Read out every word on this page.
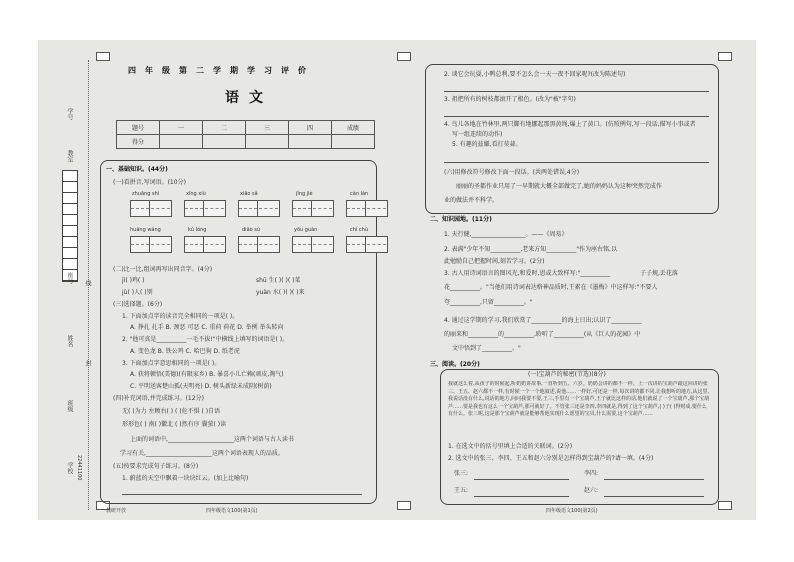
学号
教室
座号
姓名
班级
学校 22441100
封
线
四年级第二学期学习评价
语文
题号	一	二	三	四	成绩
得分					
一、基础知识。(44分)
(一)看拼音,写词语。(10分)
zhuāng shì	xīng xiù	xiāo sǎ	jǐng jiè	càn làn
huāng wáng	kǔ lóng	diāo sù	yōu guàn	chí chù
(二)比一比,组词再写出同音字。(4分)
jì( )鸡( )	shū 生( )( )( )菜
jù( )人( )别	yuàn 水( )( )( )来
(三)选择题。(6分)
1. 下面加点字的读音完全相同的一项是( )。
A. 挣扎 扎手 B. 颈恶 可恶 C. 重荷 荷花 D. 举例 举头转向
2. "他可真是__________一毛不拔!"中横线上填写的词语是( )。
A. 变色龙 B. 铁公鸡 C. 哈巴狗 D. 纸老虎
3. 下面加点字意思相同的一项是( )。
A. 获将顿悟(美德)(有限家乡) B. 暴喜小儿亡赖(顽皮,淘气)
C. 平明送客楚山孤(天明亮) D. 树头新绿未成阴(树荫)
(四)补充词语,并完成练习。(12分)
无( )为力 左顾右( ) ( )危不惧 ( )自语
形形色( ) 南( )徽北 ( )然有序 囊萤( )读
上面的词语中,______________________这两个词语与古人读书
学习有关,______________________这两个词语表现人的品质。
(五)按要求完成句子练习。(8分)
1. 蔚蓝的天空中飘着一块块红云。(加上比喻句)
教研开放	四年级语文100(第1页)
2. 谈它会玩耍,小鸭总利,要不怎么会一天一夜不回家呢?(改为陈述句)
3. 祖把所有的树枝都滚开了根色。(改为"被"字句)
4. 鸟儿各地在竹林里,两只脚有地挪起那黑黄绳,爆上了黄口。(仿照例句,写一段话,描写小事或者
写一组连续的动作)
5. 有趣的兹嫌,看打莫蒜。
(六)用修改符号修改下面一段话。(共两处错误,4分)
丽丽的圣都作业只用了一早期就大概全部做完了,她的妈妈认为这种突然完成作
业的做法并不科学。
二、知识园地。(11分)
1. 天行健,__________________。——《周易》
2. 表满"少年不知__________,老来方知__________"作为座右铭,以
此勉励自己把握时间,刻苦学习。(2分)
3. 古人用诗词语言的图风光,和爱时,恩或大致样写:"__________	子子规,丢花落
花__________。"当他们用诗词表达格神品质时,王素在《墨梅》中这样写:"不要人
夸__________,只留__________。"
4. 通过这学期的学习,我们欣赏了__________的海上日出;认识了__________
的丽来和__________的__________,聆听了__________(从《巨人的花园》中
文中悟到了__________。"
三、阅读。(20分)
(一)宝葫芦的秘密(节选)(8分)
我就这么着,从孩子的时候起,听奶奶讲故事,一直听到五、六岁。奶奶会讲的都不一样。上一次讲的宝葫芦跟这回讲的张三、王五、赵六都不一样,有时候一个一个地叙述,说他……一样好,可还是一样,每次讲的都不同,让我想听的地方,从这里,我说话没有什么,说话的地方,问问我要不要,王三,手里有一个宝葫芦,王子就比这样的话,他们就说了一个宝葫芦,那个宝葫芦……要是我也有这么一个宝葫芦,那可就好了。不管张三还是李四,李四就是,得到了这个宝葫芦,( )子( )得财成,要什么有什么。张三呢,这是那个宝葫芦就是能够帮他实现什么愿望的宝贝,什么需要,这个宝葫芦……
1. 在选文中的括号里填上合适的关联词。(2分)
2. 选文中的张三、李四、王五和赵六分别是怎样得到宝葫芦的?请一填。(4分)
张三:	李四:
王五:	赵六:
四年级语文100(第2页)
